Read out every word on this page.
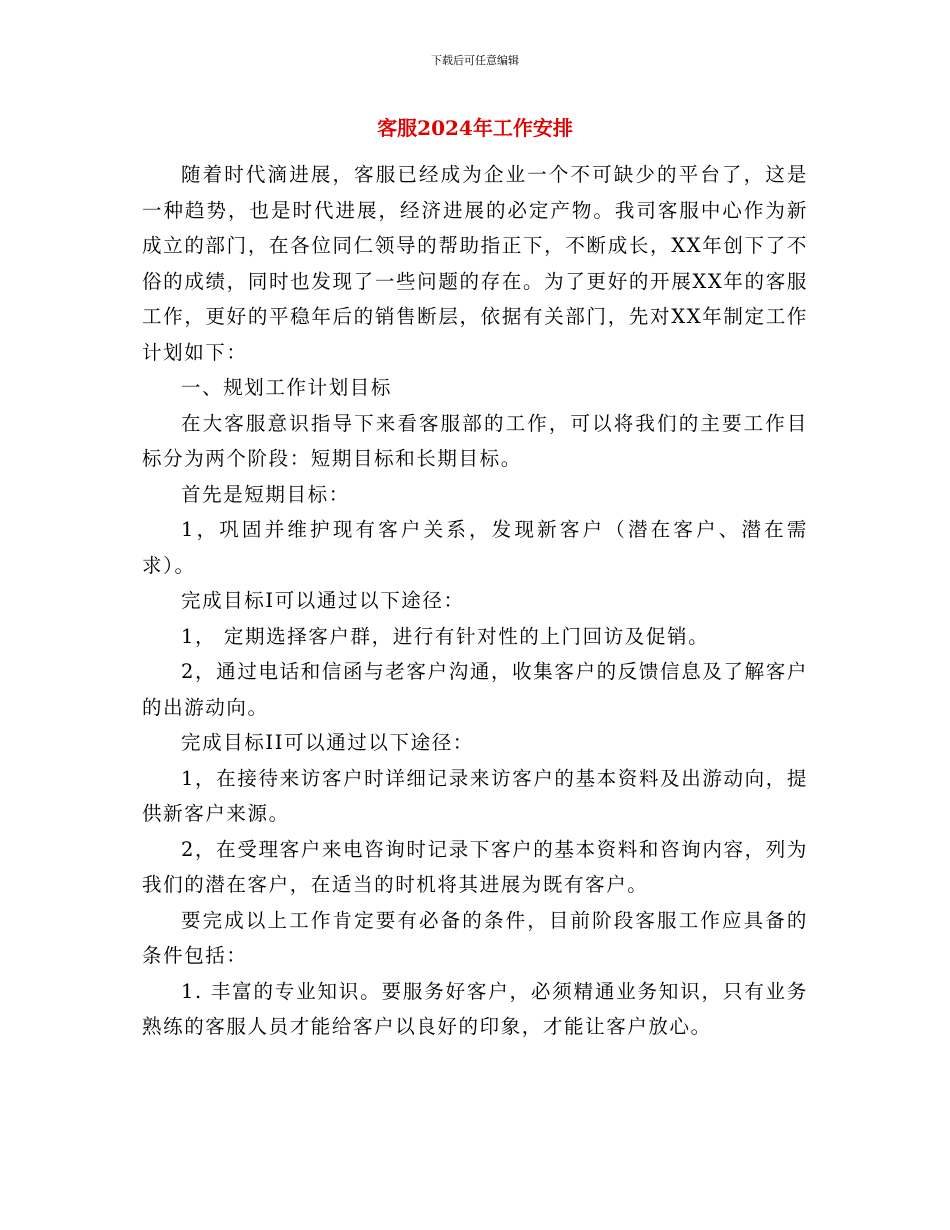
下载后可任意编辑
客服2024年工作安排

随着时代滴进展，客服已经成为企业一个不可缺少的平台了，这是一种趋势，也是时代进展，经济进展的必定产物。我司客服中心作为新成立的部门，在各位同仁领导的帮助指正下，不断成长，XX年创下了不俗的成绩，同时也发现了一些问题的存在。为了更好的开展XX年的客服工作，更好的平稳年后的销售断层，依据有关部门，先对XX年制定工作计划如下：

一、规划工作计划目标

在大客服意识指导下来看客服部的工作，可以将我们的主要工作目标分为两个阶段：短期目标和长期目标。

首先是短期目标：

1，巩固并维护现有客户关系，发现新客户（潜在客户、潜在需求）。

完成目标I可以通过以下途径：

1， 定期选择客户群，进行有针对性的上门回访及促销。

2，通过电话和信函与老客户沟通，收集客户的反馈信息及了解客户的出游动向。

完成目标II可以通过以下途径：

1，在接待来访客户时详细记录来访客户的基本资料及出游动向，提供新客户来源。

2，在受理客户来电咨询时记录下客户的基本资料和咨询内容，列为我们的潜在客户，在适当的时机将其进展为既有客户。

要完成以上工作肯定要有必备的条件，目前阶段客服工作应具备的条件包括：

1. 丰富的专业知识。要服务好客户，必须精通业务知识，只有业务熟练的客服人员才能给客户以良好的印象，才能让客户放心。
